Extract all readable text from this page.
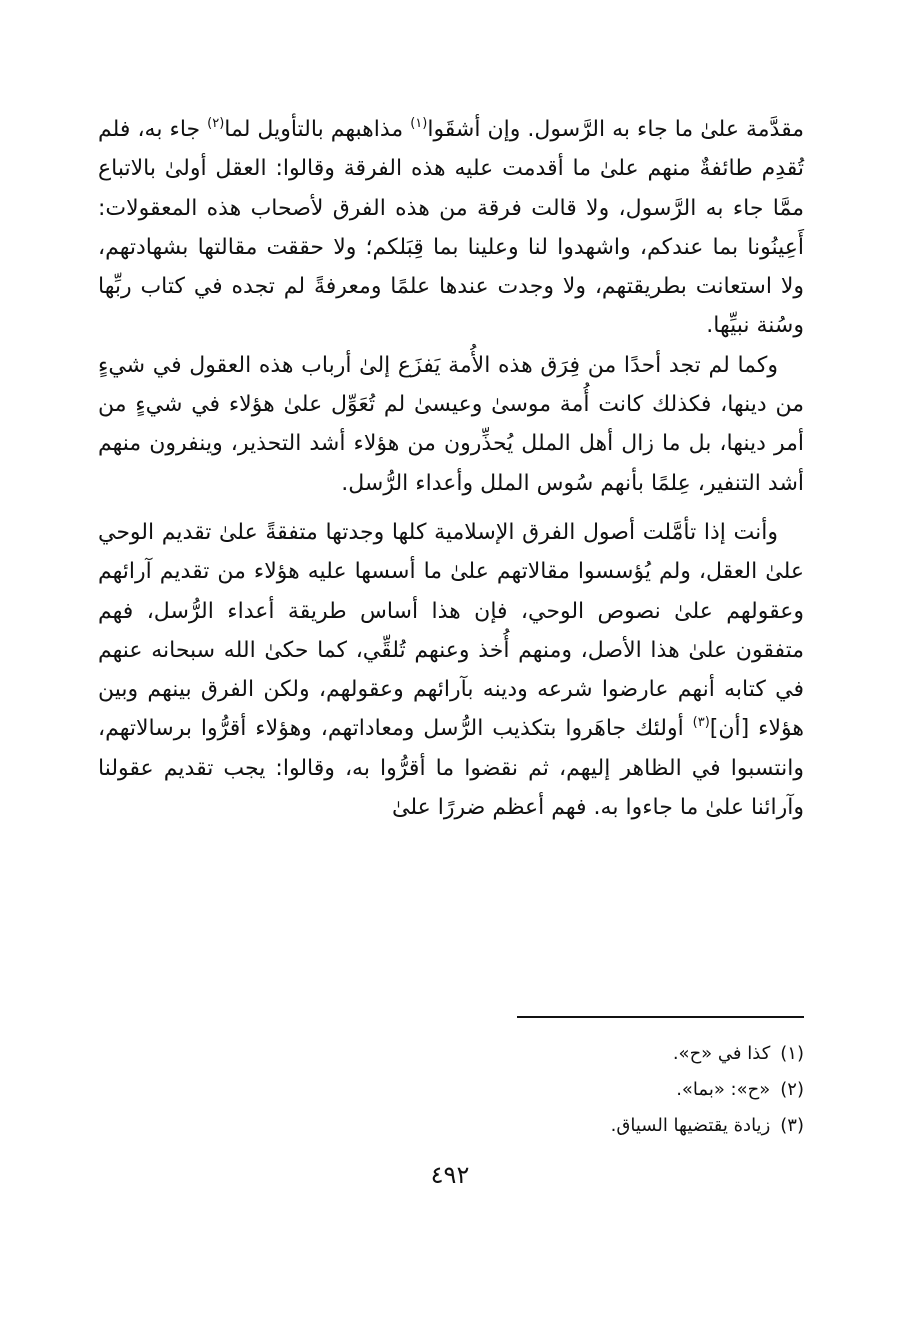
مقدَّمة علىٰ ما جاء به الرَّسول. وإن أشقَوا$^{(١)}$ مذاهبهم بالتأويل لما$^{(٢)}$ جاء به، فلم تُقدِم طائفةٌ منهم علىٰ ما أقدمت عليه هذه الفرقة وقالوا: العقل أولىٰ بالاتباع ممَّا جاء به الرَّسول، ولا قالت فرقة من هذه الفرق لأصحاب هذه المعقولات: أَعِينُونا بما عندكم، واشهدوا لنا وعلينا بما قِبَلكم؛ ولا حققت مقالتها بشهادتهم، ولا استعانت بطريقتهم، ولا وجدت عندها علمًا ومعرفةً لم تجده في كتاب ربِّها وسُنة نبيِّها.

وكما لم تجد أحدًا من فِرَق هذه الأُمة يَفزَع إلىٰ أرباب هذه العقول في شيءٍ من دينها، فكذلك كانت أُمة موسىٰ وعيسىٰ لم تُعَوِّل علىٰ هؤلاء في شيءٍ من أمر دينها، بل ما زال أهل الملل يُحذِّرون من هؤلاء أشد التحذير، وينفرون منهم أشد التنفير، عِلمًا بأنهم سُوس الملل وأعداء الرُّسل.

وأنت إذا تأمَّلت أصول الفرق الإسلامية كلها وجدتها متفقةً علىٰ تقديم الوحي علىٰ العقل، ولم يُؤسسوا مقالاتهم علىٰ ما أسسها عليه هؤلاء من تقديم آرائهم وعقولهم علىٰ نصوص الوحي، فإن هذا أساس طريقة أعداء الرُّسل، فهم متفقون علىٰ هذا الأصل، ومنهم أُخذ وعنهم تُلقِّي، كما حكىٰ الله سبحانه عنهم في كتابه أنهم عارضوا شرعه ودينه بآرائهم وعقولهم، ولكن الفرق بينهم وبين هؤلاء [أن]$^{(٣)}$ أولئك جاهَروا بتكذيب الرُّسل ومعاداتهم، وهؤلاء أقرُّوا برسالاتهم، وانتسبوا في الظاهر إليهم، ثم نقضوا ما أقرُّوا به، وقالوا: يجب تقديم عقولنا وآرائنا علىٰ ما جاءوا به. فهم أعظم ضررًا علىٰ

(١)كذا في «ح».
(٢)«ح»: «بما».
(٣)زيادة يقتضيها السياق.
٤٩٢
